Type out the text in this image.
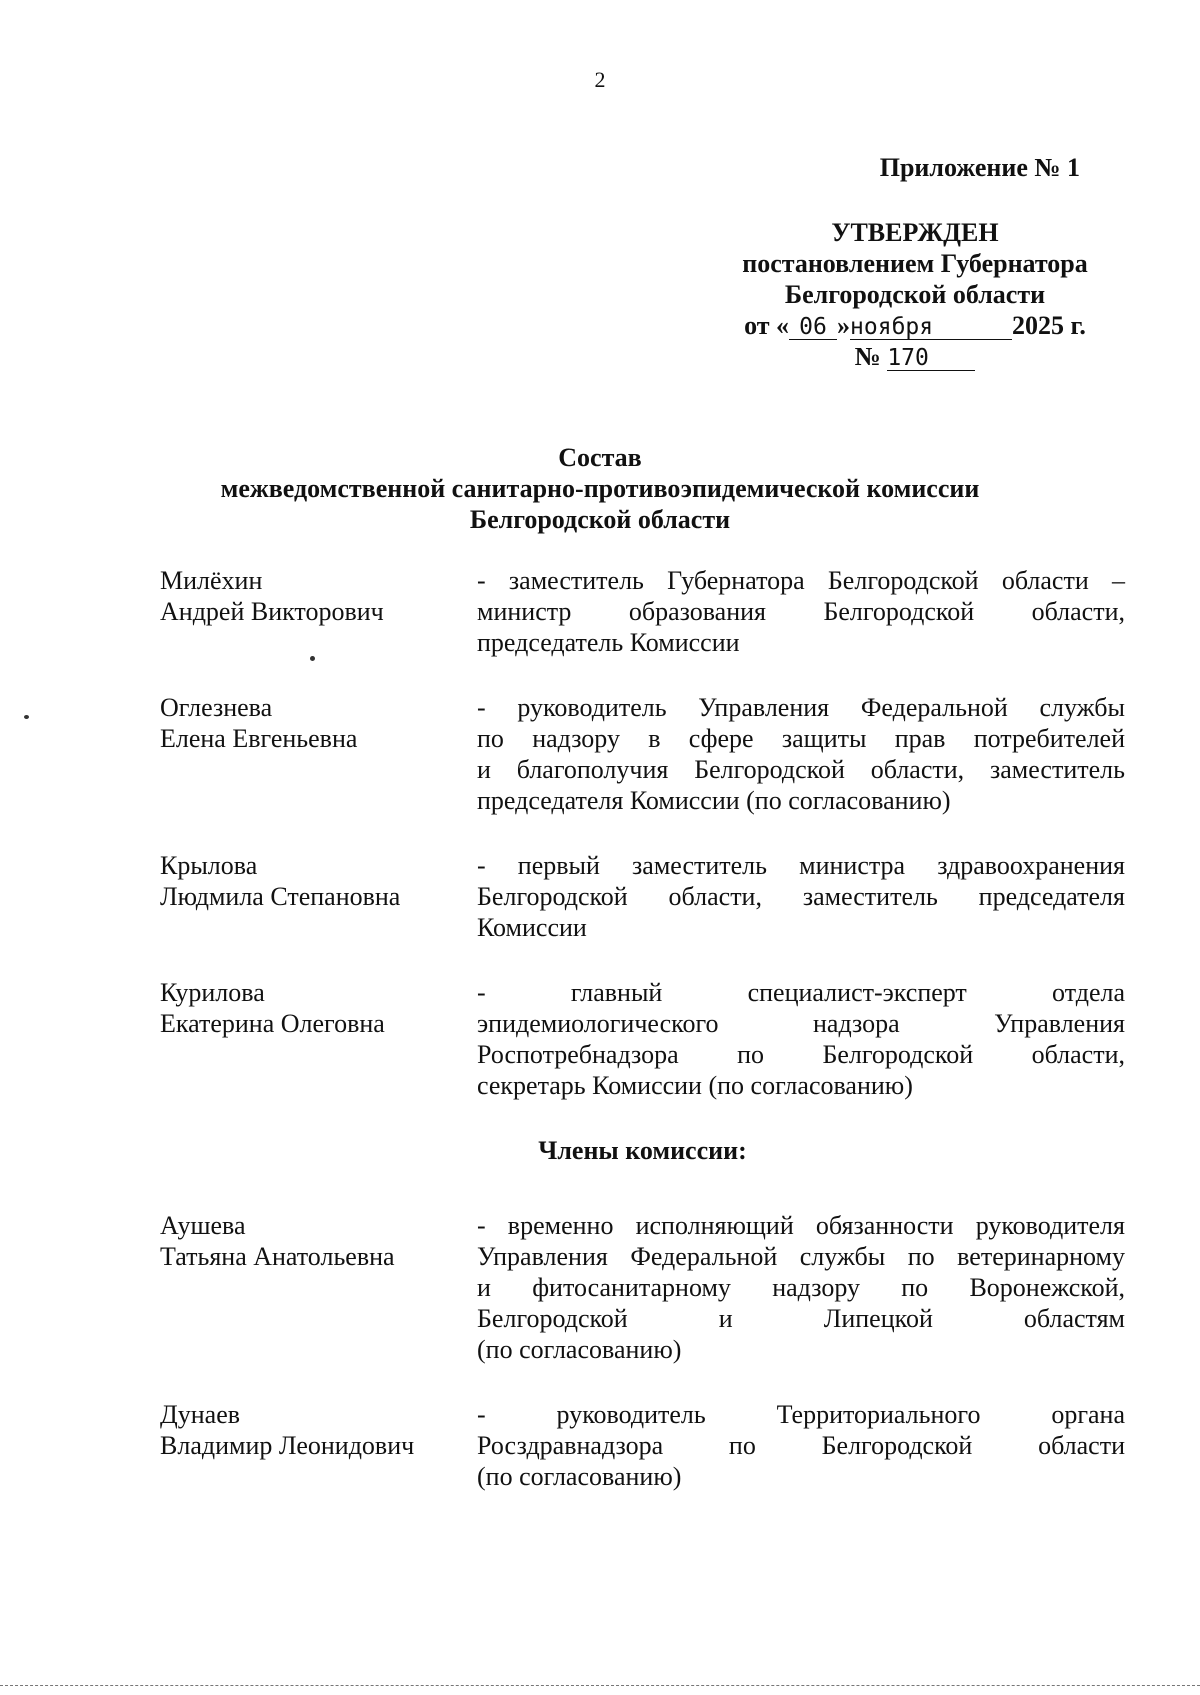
2
Приложение № 1
УТВЕРЖДЕН
постановлением Губернатора
Белгородской области
от « 06 »ноября	2025 г.
№ 170
Состав
межведомственной санитарно-противоэпидемической комиссии
Белгородской области
Милёхин
Андрей Викторович
- заместитель Губернатора Белгородской области –
министр образования Белгородской области,
председатель Комиссии
Оглезнева
Елена Евгеньевна
- руководитель Управления Федеральной службы
по надзору в сфере защиты прав потребителей
и благополучия Белгородской области, заместитель
председателя Комиссии (по согласованию)
Крылова
Людмила Степановна
- первый заместитель министра здравоохранения
Белгородской области, заместитель председателя
Комиссии
Курилова
Екатерина Олеговна
- главный специалист-эксперт отдела
эпидемиологического надзора Управления
Роспотребнадзора по Белгородской области,
секретарь Комиссии (по согласованию)
Члены комиссии:
Аушева
Татьяна Анатольевна
- временно исполняющий обязанности руководителя
Управления Федеральной службы по ветеринарному
и фитосанитарному надзору по Воронежской,
Белгородской и Липецкой областям
(по согласованию)
Дунаев
Владимир Леонидович
- руководитель Территориального органа
Росздравнадзора по Белгородской области
(по согласованию)
